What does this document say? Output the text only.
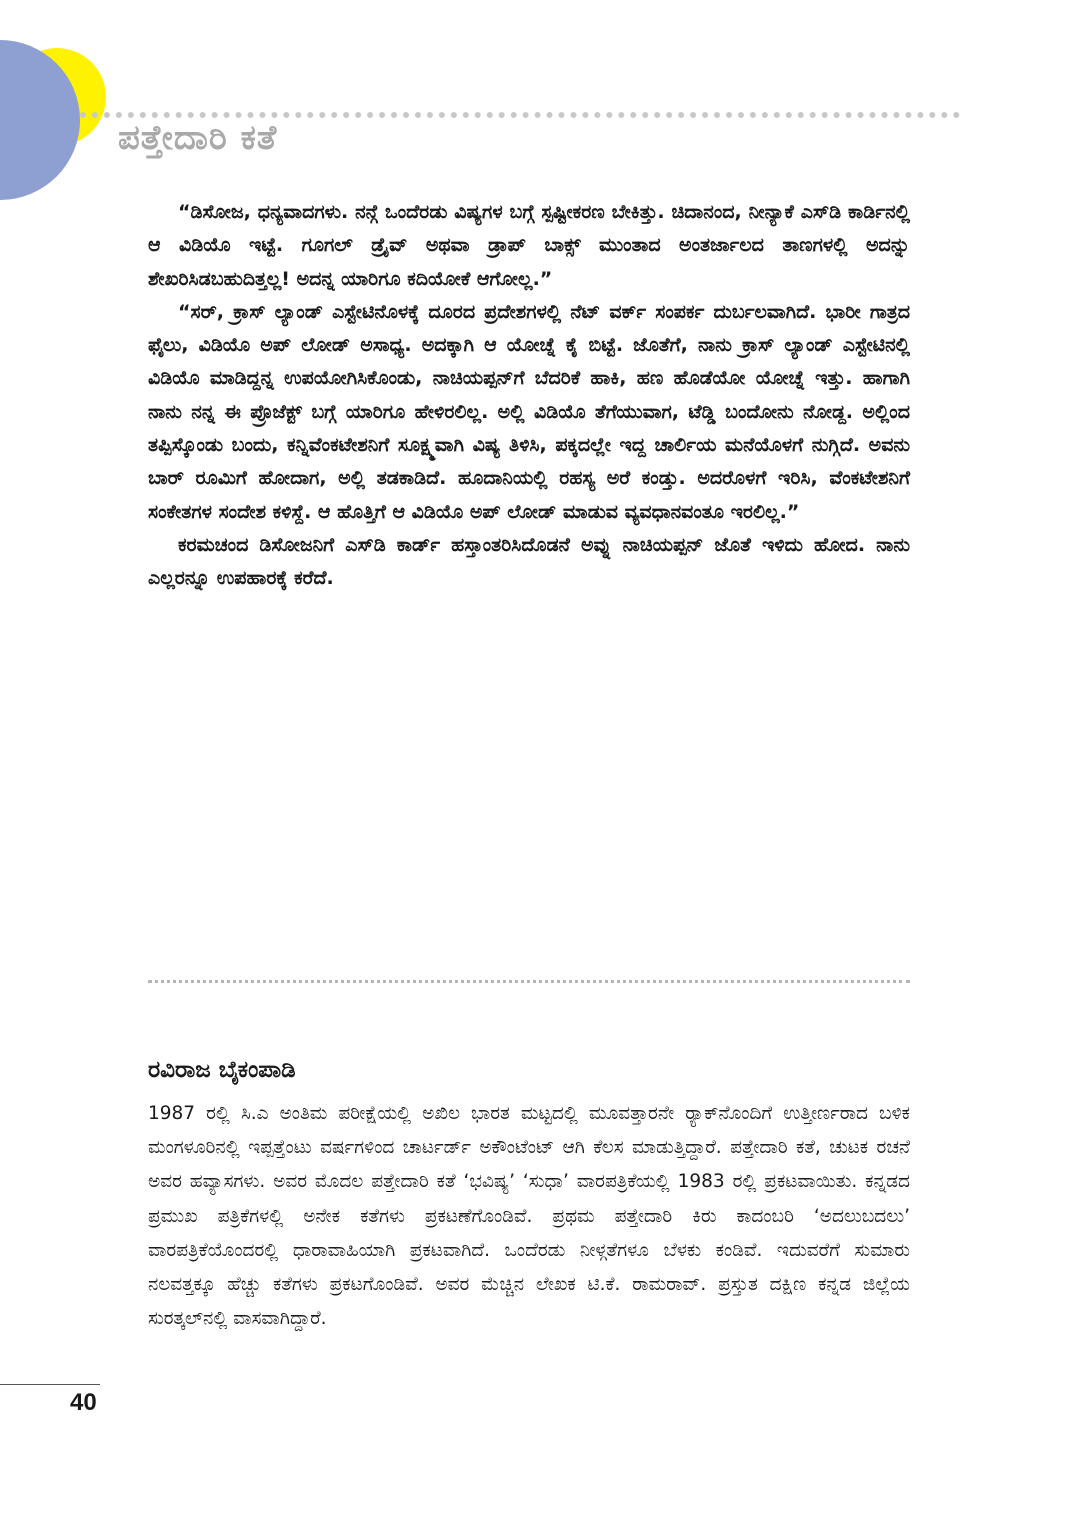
ಪತ್ತೇದಾರಿ ಕತೆ

“ಡಿಸೋಜ, ಧನ್ಯವಾದಗಳು. ನನ್ಗೆ ಒಂದೆರಡು ವಿಷ್ಯಗಳ ಬಗ್ಗೆ ಸ್ಪಷ್ಟೀಕರಣ ಬೇಕಿತ್ತು. ಚಿದಾನಂದ, ನೀನ್ಯಾಕೆ ಎಸ್‌ಡಿ ಕಾರ್ಡಿನಲ್ಲಿ ಆ ವಿಡಿಯೊ ಇಟ್ಟೆ. ಗೂಗಲ್ ಡ್ರೈವ್ ಅಥವಾ ಡ್ರಾಪ್ ಬಾಕ್ಸ್ ಮುಂತಾದ ಅಂತರ್ಜಾಲದ ತಾಣಗಳಲ್ಲಿ ಅದನ್ನು ಶೇಖರಿಸಿಡಬಹುದಿತ್ತಲ್ಲ! ಅದನ್ನ ಯಾರಿಗೂ ಕದಿಯೋಕೆ ಆಗೋಲ್ಲ.”

“ಸರ್, ಕ್ರಾಸ್ ಲ್ಯಾಂಡ್ ಎಸ್ಟೇಟಿನೊಳಕ್ಕೆ ದೂರದ ಪ್ರದೇಶಗಳಲ್ಲಿ ನೆಟ್ ವರ್ಕ್ ಸಂಪರ್ಕ ದುರ್ಬಲವಾಗಿದೆ. ಭಾರೀ ಗಾತ್ರದ ಫೈಲು, ವಿಡಿಯೊ ಅಪ್ ಲೋಡ್ ಅಸಾಧ್ಯ. ಅದಕ್ಕಾಗಿ ಆ ಯೋಚ್ನೆ ಕೈ ಬಿಟ್ಟೆ. ಜೊತೆಗೆ, ನಾನು ಕ್ರಾಸ್ ಲ್ಯಾಂಡ್ ಎಸ್ಟೇಟಿನಲ್ಲಿ ವಿಡಿಯೊ ಮಾಡಿದ್ದನ್ನ ಉಪಯೋಗಿಸಿಕೊಂಡು, ನಾಚಿಯಪ್ಪನ್‌ಗೆ ಬೆದರಿಕೆ ಹಾಕಿ, ಹಣ ಹೊಡೆಯೋ ಯೋಚ್ನೆ ಇತ್ತು. ಹಾಗಾಗಿ ನಾನು ನನ್ನ ಈ ಪ್ರೊಜೆಕ್ಟ್ ಬಗ್ಗೆ ಯಾರಿಗೂ ಹೇಳಿರಲಿಲ್ಲ. ಅಲ್ಲಿ ವಿಡಿಯೊ ತೆಗೆಯುವಾಗ, ಟೆಡ್ಡಿ ಬಂದೋನು ನೋಡ್ದ. ಅಲ್ಲಿಂದ ತಪ್ಪಿಸ್ಕೊಂಡು ಬಂದು, ಕನ್ನಿವೆಂಕಟೇಶನಿಗೆ ಸೂಕ್ಷ್ಮವಾಗಿ ವಿಷ್ಯ ತಿಳಿಸಿ, ಪಕ್ಕದಲ್ಲೇ ಇದ್ದ ಚಾರ್ಲಿಯ ಮನೆಯೊಳಗೆ ನುಗ್ಗಿದೆ. ಅವನು ಬಾರ್ ರೂಮಿಗೆ ಹೋದಾಗ, ಅಲ್ಲಿ ತಡಕಾಡಿದೆ. ಹೂದಾನಿಯಲ್ಲಿ ರಹಸ್ಯ ಅರೆ ಕಂಡ್ತು. ಅದರೊಳಗೆ ಇರಿಸಿ, ವೆಂಕಟೇಶನಿಗೆ ಸಂಕೇತಗಳ ಸಂದೇಶ ಕಳಿಸ್ದೆ. ಆ ಹೊತ್ತಿಗೆ ಆ ವಿಡಿಯೊ ಅಪ್ ಲೋಡ್ ಮಾಡುವ ವ್ಯವಧಾನವಂತೂ ಇರಲಿಲ್ಲ.”

ಕರಮಚಂದ ಡಿಸೋಜನಿಗೆ ಎಸ್‌ಡಿ ಕಾರ್ಡ್ ಹಸ್ತಾಂತರಿಸಿದೊಡನೆ ಅವ್ನು ನಾಚಿಯಪ್ಪನ್ ಜೊತೆ ಇಳಿದು ಹೋದ. ನಾನು ಎಲ್ಲರನ್ನೂ ಉಪಹಾರಕ್ಕೆ ಕರೆದೆ.

ರವಿರಾಜ ಬೈಕಂಪಾಡಿ
1987 ರಲ್ಲಿ ಸಿ.ಎ ಅಂತಿಮ ಪರೀಕ್ಷೆಯಲ್ಲಿ ಅಖಿಲ ಭಾರತ ಮಟ್ಟದಲ್ಲಿ ಮೂವತ್ತಾರನೇ ರ್‍ಯಾಕ್‌ನೊಂದಿಗೆ ಉತ್ತೀರ್ಣರಾದ ಬಳಿಕ ಮಂಗಳೂರಿನಲ್ಲಿ ಇಪ್ಪತ್ತೆಂಟು ವರ್ಷಗಳಿಂದ ಚಾರ್ಟರ್ಡ್ ಅಕೌಂಟೆಂಟ್ ಆಗಿ ಕೆಲಸ ಮಾಡುತ್ತಿದ್ದಾರೆ. ಪತ್ತೇದಾರಿ ಕತೆ, ಚುಟಕ ರಚನೆ ಅವರ ಹವ್ಯಾಸಗಳು. ಅವರ ಮೊದಲ ಪತ್ತೇದಾರಿ ಕತೆ ‘ಭವಿಷ್ಯ’ ‘ಸುಧಾ’ ವಾರಪತ್ರಿಕೆಯಲ್ಲಿ 1983 ರಲ್ಲಿ ಪ್ರಕಟವಾಯಿತು. ಕನ್ನಡದ ಪ್ರಮುಖ ಪತ್ರಿಕೆಗಳಲ್ಲಿ ಅನೇಕ ಕತೆಗಳು ಪ್ರಕಟಣೆಗೊಂಡಿವೆ. ಪ್ರಥಮ ಪತ್ತೇದಾರಿ ಕಿರು ಕಾದಂಬರಿ ‘ಅದಲುಬದಲು’ ವಾರಪತ್ರಿಕೆಯೊಂದರಲ್ಲಿ ಧಾರಾವಾಹಿಯಾಗಿ ಪ್ರಕಟವಾಗಿದೆ. ಒಂದೆರಡು ನೀಳ್ಗತೆಗಳೂ ಬೆಳಕು ಕಂಡಿವೆ. ಇದುವರೆಗೆ ಸುಮಾರು ನಲವತ್ತಕ್ಕೂ ಹೆಚ್ಚು ಕತೆಗಳು ಪ್ರಕಟಗೊಂಡಿವೆ. ಅವರ ಮೆಚ್ಚಿನ ಲೇಖಕ ಟಿ.ಕೆ. ರಾಮರಾವ್. ಪ್ರಸ್ತುತ ದಕ್ಷಿಣ ಕನ್ನಡ ಜಿಲ್ಲೆಯ ಸುರತ್ಕಲ್‌ನಲ್ಲಿ ವಾಸವಾಗಿದ್ದಾರೆ.
40
